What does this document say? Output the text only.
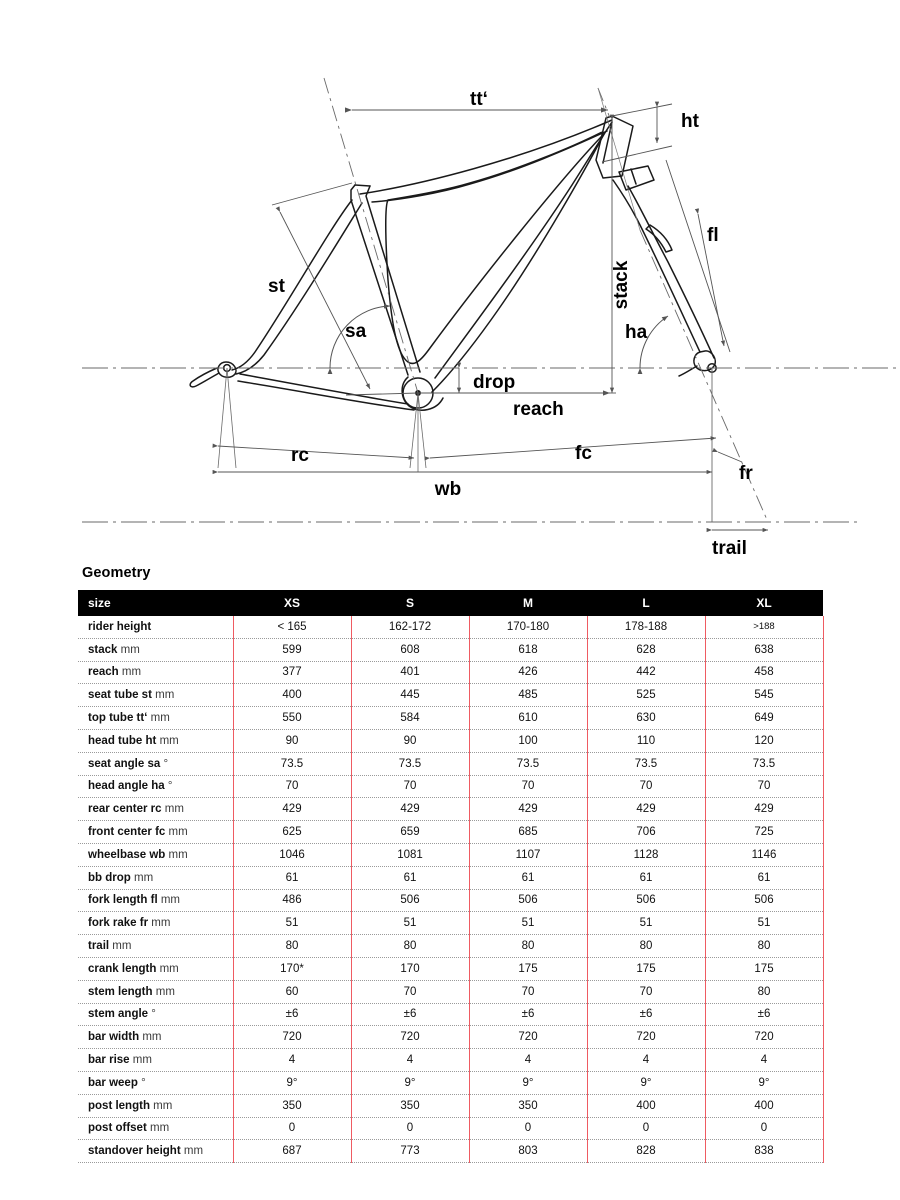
tt‘
ht
st
sa
fl
ha
stack
drop
reach
rc	fc
wb
fr
trail
Geometry
size	XS	S	M	L	XL
rider height	< 165	162-172	170-180	178-188	>188
stack mm	599	608	618	628	638
reach mm	377	401	426	442	458
seat tube st mm	400	445	485	525	545
top tube tt‘ mm	550	584	610	630	649
head tube ht mm	90	90	100	110	120
seat angle sa °	73.5	73.5	73.5	73.5	73.5
head angle ha °	70	70	70	70	70
rear center rc mm	429	429	429	429	429
front center fc mm	625	659	685	706	725
wheelbase wb mm	1046	1081	1107	1128	1146
bb drop mm	61	61	61	61	61
fork length fl mm	486	506	506	506	506
fork rake fr mm	51	51	51	51	51
trail mm	80	80	80	80	80
crank length mm	170*	170	175	175	175
stem length mm	60	70	70	70	80
stem angle °	±6	±6	±6	±6	±6
bar width mm	720	720	720	720	720
bar rise mm	4	4	4	4	4
bar weep °	9°	9°	9°	9°	9°
post length mm	350	350	350	400	400
post offset mm	0	0	0	0	0
standover height mm	687	773	803	828	838
